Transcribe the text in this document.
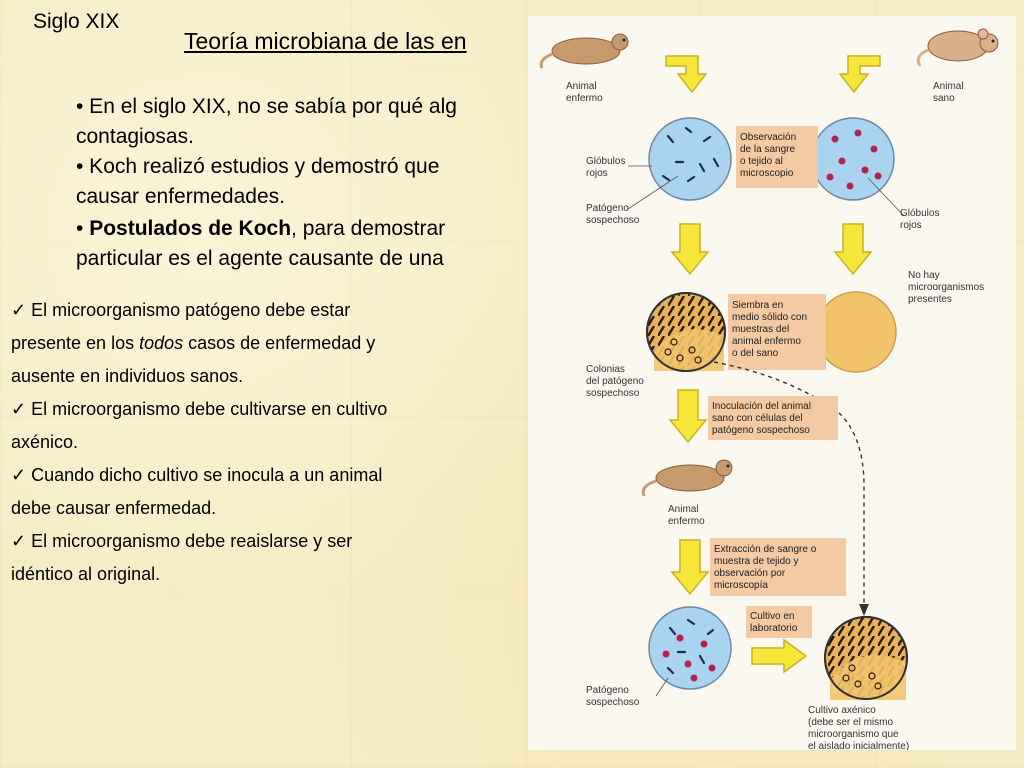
Siglo XIX
Teoría microbiana de las en
• En el siglo XIX, no se sabía por qué alg
contagiosas.
• Koch realizó estudios y demostró que
causar enfermedades.
• Postulados de Koch, para demostrar
particular es el agente causante de una
✓ El microorganismo patógeno debe estar
presente en los todos casos de enfermedad y
ausente en individuos sanos.
✓ El microorganismo debe cultivarse en cultivo
axénico.
✓ Cuando dicho cultivo se inocula a un animal
debe causar enfermedad.
✓ El microorganismo debe reaislarse y ser
idéntico al original.
Animal
enfermo
Animal
sano
Glóbulos
rojos
Patógeno
sospechoso
Glóbulos
rojos
Observación
de la sangre
o tejido al
microscopio
No hay
microorganismos
presentes
Siembra en
medio sólido con
muestras del
animal enfermo
o del sano
Colonias
del patógeno
sospechoso
Inoculación del animal
sano con células del
patógeno sospechoso
Animal
enfermo
Extracción de sangre o
muestra de tejido y
observación por
microscopía
Patógeno
sospechoso
Cultivo en
laboratorio
Cultivo axénico
(debe ser el mismo
microorganismo que
el aislado inicialmente)
